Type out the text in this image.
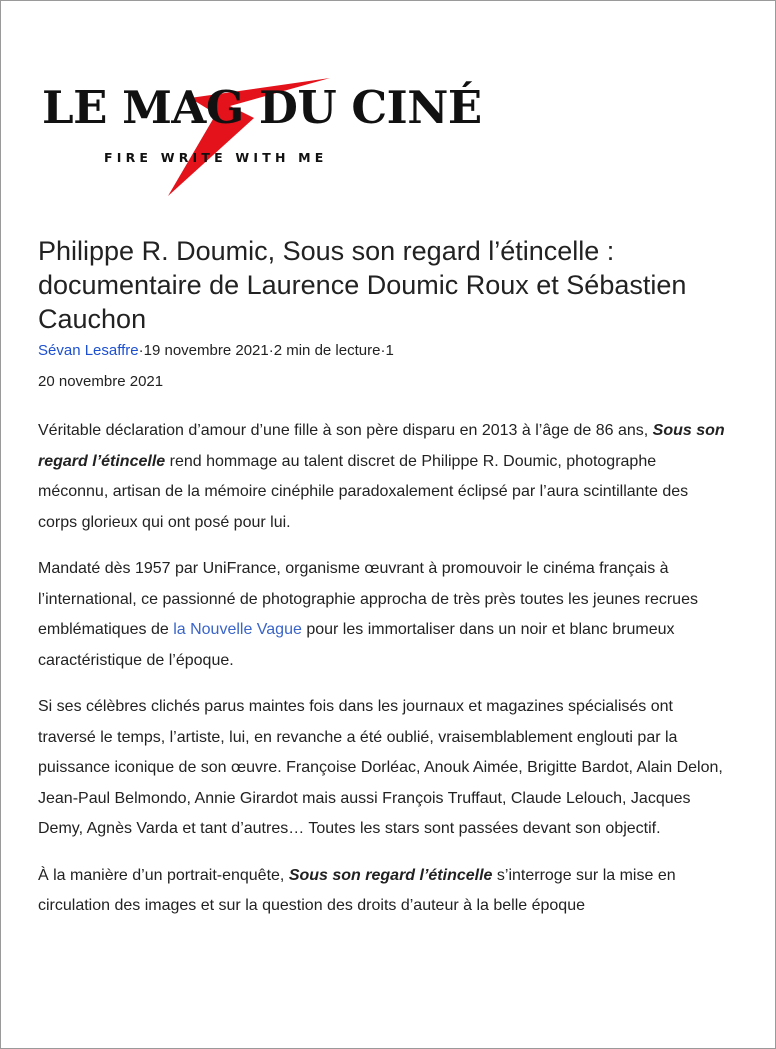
LE MAG DU CINÉ
FIRE WRITE WITH ME
Philippe R. Doumic, Sous son regard l’étincelle : documentaire de Laurence Doumic Roux et Sébastien Cauchon
Sévan Lesaffre·19 novembre 2021·2 min de lecture·1
20 novembre 2021

Véritable déclaration d’amour d’une fille à son père disparu en 2013 à l’âge de 86 ans, Sous son regard l’étincelle rend hommage au talent discret de Philippe R. Doumic, photographe méconnu, artisan de la mémoire cinéphile paradoxalement éclipsé par l’aura scintillante des corps glorieux qui ont posé pour lui.

Mandaté dès 1957 par UniFrance, organisme œuvrant à promouvoir le cinéma français à l’international, ce passionné de photographie approcha de très près toutes les jeunes recrues emblématiques de la Nouvelle Vague pour les immortaliser dans un noir et blanc brumeux caractéristique de l’époque.

Si ses célèbres clichés parus maintes fois dans les journaux et magazines spécialisés ont traversé le temps, l’artiste, lui, en revanche a été oublié, vraisemblablement englouti par la puissance iconique de son œuvre. Françoise Dorléac, Anouk Aimée, Brigitte Bardot, Alain Delon, Jean-Paul Belmondo, Annie Girardot mais aussi François Truffaut, Claude Lelouch, Jacques Demy, Agnès Varda et tant d’autres… Toutes les stars sont passées devant son objectif.

À la manière d’un portrait-enquête, Sous son regard l’étincelle s’interroge sur la mise en circulation des images et sur la question des droits d’auteur à la belle époque
